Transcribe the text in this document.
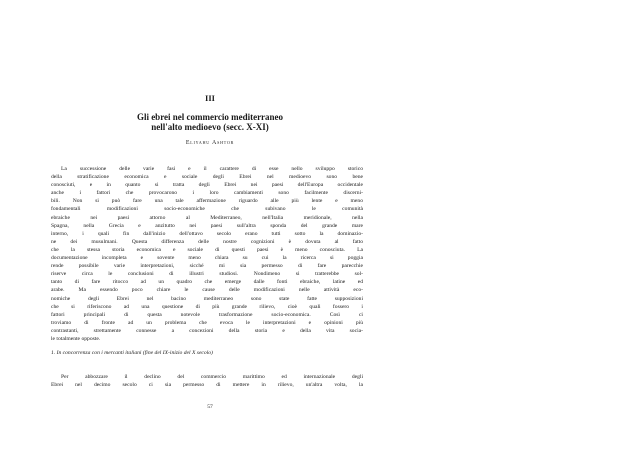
III
Gli ebrei nel commercio mediterraneo
nell'alto medioevo (secc. X-XI)
Eliyahu Ashtor
La successione delle varie fasi e il carattere di esse nello sviluppo storico
della stratificazione economica e sociale degli Ebrei nel medioevo sono bene
conosciuti, e in quanto si tratta degli Ebrei nei paesi dell'Europa occidentale
anche i fattori che provocarono i loro cambiamenti sono facilmente discerni-
bili. Non si può fare una tale affermazione riguardo alle più lente e meno
fondamentali modificazioni socio-economiche che subivano le comunità
ebraiche nei paesi attorno al Mediterraneo, nell'Italia meridionale, nella
Spagna, nella Grecia e anzitutto nei paesi sull'altra sponda del grande mare
interno, i quali fin dall'inizio dell'ottavo secolo erano tutti sotto la dominazio-
ne dei musulmani. Questa differenza delle nostre cognizioni è dovuta al fatto
che la stessa storia economica e sociale di questi paesi è meno conosciuta. La
documentazione incompleta e sovente meno chiara su cui la ricerca si poggia
rende possibile varie interpretazioni, sicché mi sia permesso di fare parecchie
riserve circa le conclusioni di illustri studiosi. Nondimeno si tratterebbe sol-
tanto di fare ritocco ad un quadro che emerge dalle fonti ebraiche, latine ed
arabe. Ma essendo poco chiare le cause delle modificazioni nelle attività eco-
nomiche degli Ebrei nel bacino mediterraneo sono state fatte supposizioni
che si riferiscono ad una questione di più grande rilievo, cioè quali fossero i
fattori principali di questa notevole trasformazione socio-economica. Così ci
troviamo di fronte ad un problema che evoca le interpretazioni e opinioni più
contrastanti, strettamente connesse a concezioni della storia e della vita socia-
le totalmente opposte.
1. In concorrenza con i mercanti italiani (fine del IX-inizio del X secolo)
Per abbozzare il declino del commercio marittimo ed internazionale degli
Ebrei nel decimo secolo ci sia permesso di mettere in rilievo, un'altra volta, la
57
